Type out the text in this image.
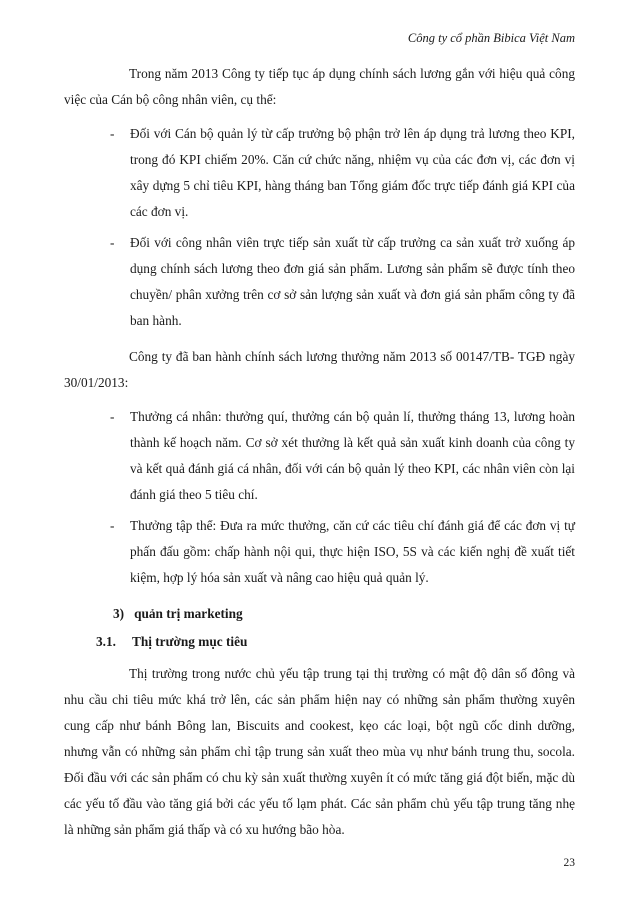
Công ty cổ phần Bibica Việt Nam

Trong năm 2013 Công ty tiếp tục áp dụng chính sách lương gắn với hiệu quả công việc của Cán bộ công nhân viên, cụ thể:

- Đối với Cán bộ quản lý từ cấp trưởng bộ phận trở lên áp dụng trả lương theo KPI, trong đó KPI chiếm 20%. Căn cứ chức năng, nhiệm vụ của các đơn vị, các đơn vị xây dựng 5 chỉ tiêu KPI, hàng tháng ban Tổng giám đốc trực tiếp đánh giá KPI của các đơn vị.
- Đối với công nhân viên trực tiếp sản xuất từ cấp trưởng ca sản xuất trở xuống áp dụng chính sách lương theo đơn giá sản phẩm. Lương sản phẩm sẽ được tính theo chuyền/ phân xưởng trên cơ sở sản lượng sản xuất và đơn giá sản phẩm công ty đã ban hành.

Công ty đã ban hành chính sách lương thưởng năm 2013 số 00147/TB- TGĐ ngày 30/01/2013:

- Thưởng cá nhân: thưởng quí, thưởng cán bộ quản lí, thưởng tháng 13, lương hoàn thành kế hoạch năm. Cơ sở xét thưởng là kết quả sản xuất kinh doanh của công ty và kết quả đánh giá cá nhân, đối với cán bộ quản lý theo KPI, các nhân viên còn lại đánh giá theo 5 tiêu chí.
- Thưởng tập thể: Đưa ra mức thưởng, căn cứ các tiêu chí đánh giá để các đơn vị tự phấn đấu gồm: chấp hành nội qui, thực hiện ISO, 5S và các kiến nghị đề xuất tiết kiệm, hợp lý hóa sản xuất và nâng cao hiệu quả quản lý.
3) quản trị marketing
3.1. Thị trường mục tiêu

Thị trường trong nước chủ yếu tập trung tại thị trường có mật độ dân số đông và nhu cầu chi tiêu mức khá trở lên, các sản phẩm hiện nay có những sản phẩm thường xuyên cung cấp như bánh Bông lan, Biscuits and cookest, kẹo các loại, bột ngũ cốc dinh dưỡng, nhưng vẫn có những sản phẩm chỉ tập trung sản xuất theo mùa vụ như bánh trung thu, socola. Đối đầu với các sản phẩm có chu kỳ sản xuất thường xuyên ít có mức tăng giá đột biến, mặc dù các yếu tố đầu vào tăng giá bởi các yếu tố lạm phát. Các sản phẩm chủ yếu tập trung tăng nhẹ là những sản phẩm giá thấp và có xu hướng bão hòa.

23
